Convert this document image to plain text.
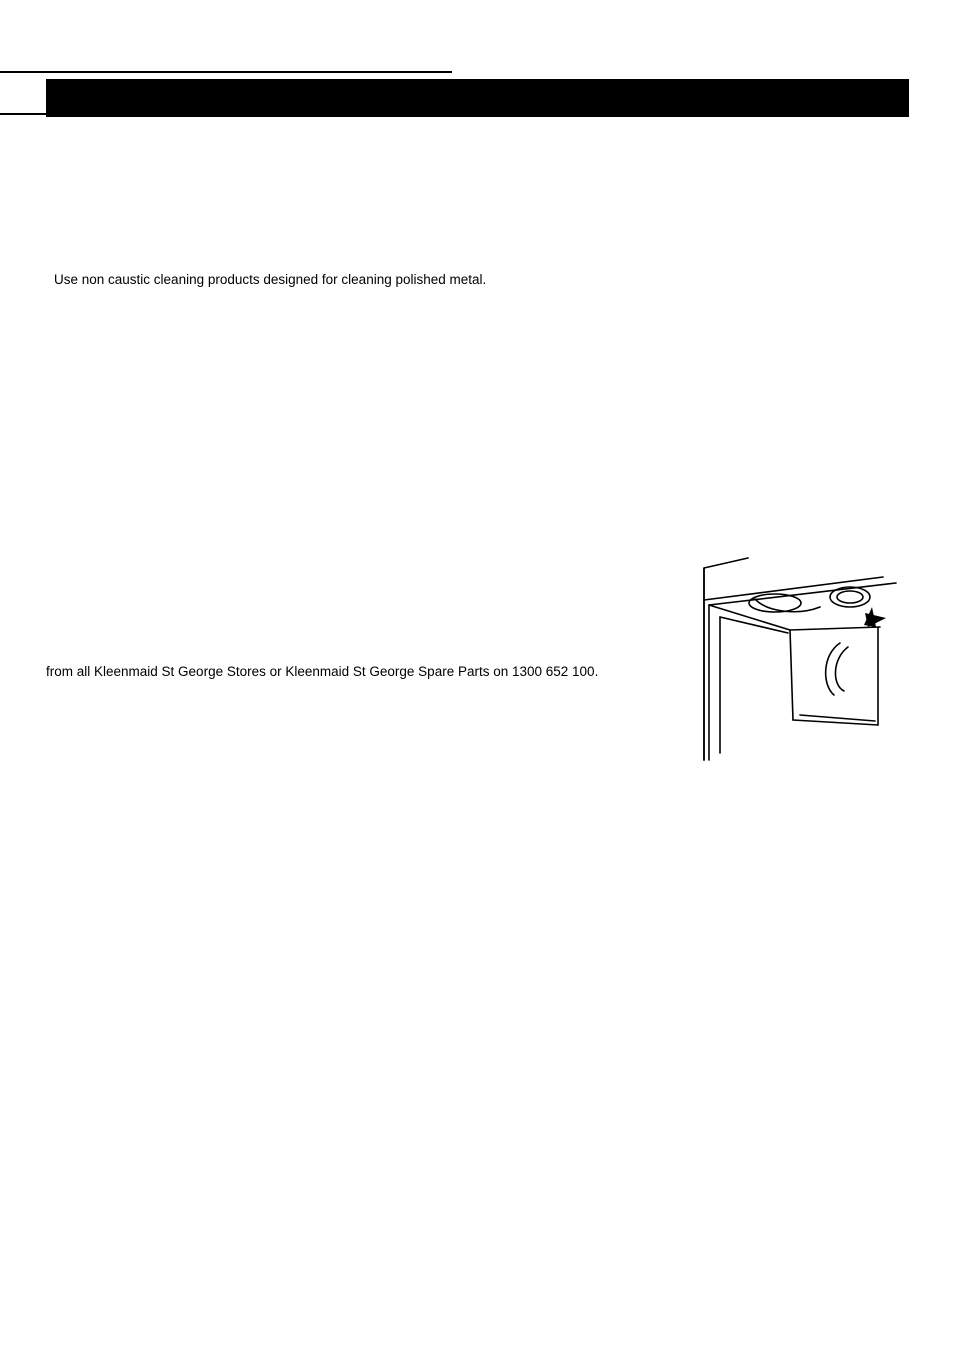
Use non caustic cleaning products designed for cleaning polished metal.

from all Kleenmaid St George Stores or Kleenmaid St George Spare Parts on 1300 652 100.
